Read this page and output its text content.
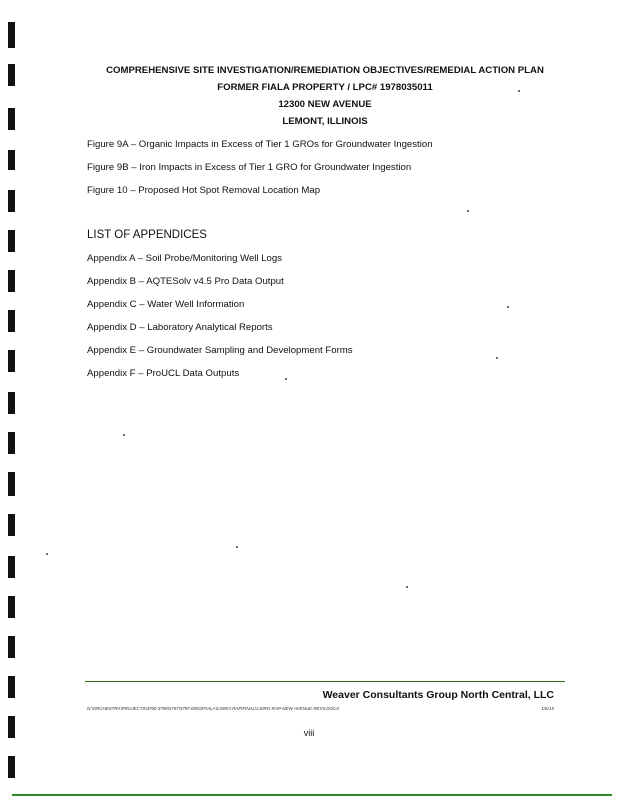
COMPREHENSIVE SITE INVESTIGATION/REMEDIATION OBJECTIVES/REMEDIAL ACTION PLAN
FORMER FIALA PROPERTY / LPC# 1978035011
12300 NEW AVENUE
LEMONT, ILLINOIS
Figure 9A – Organic Impacts in Excess of Tier 1 GROs for Groundwater Ingestion
Figure 9B – Iron Impacts in Excess of Tier 1 GRO for Groundwater Ingestion
Figure 10 – Proposed Hot Spot Removal Location Map
LIST OF APPENDICES
Appendix A – Soil Probe/Monitoring Well Logs
Appendix B – AQTESolv v4.5 Pro Data Output
Appendix C – Water Well Information
Appendix D – Laboratory Analytical Reports
Appendix E – Groundwater Sampling and Development Forms
Appendix F – ProUCL Data Outputs
Weaver Consultants Group North Central, LLC
N:\ORCHESTRA\PROJECTS\3700-3799\3797\3797-005\2\FIALA\CSIRO-RAP\FINAL\CSIRO-RAP-NEW-AVENUE-REV0.DOCX	1/6/15
viii
